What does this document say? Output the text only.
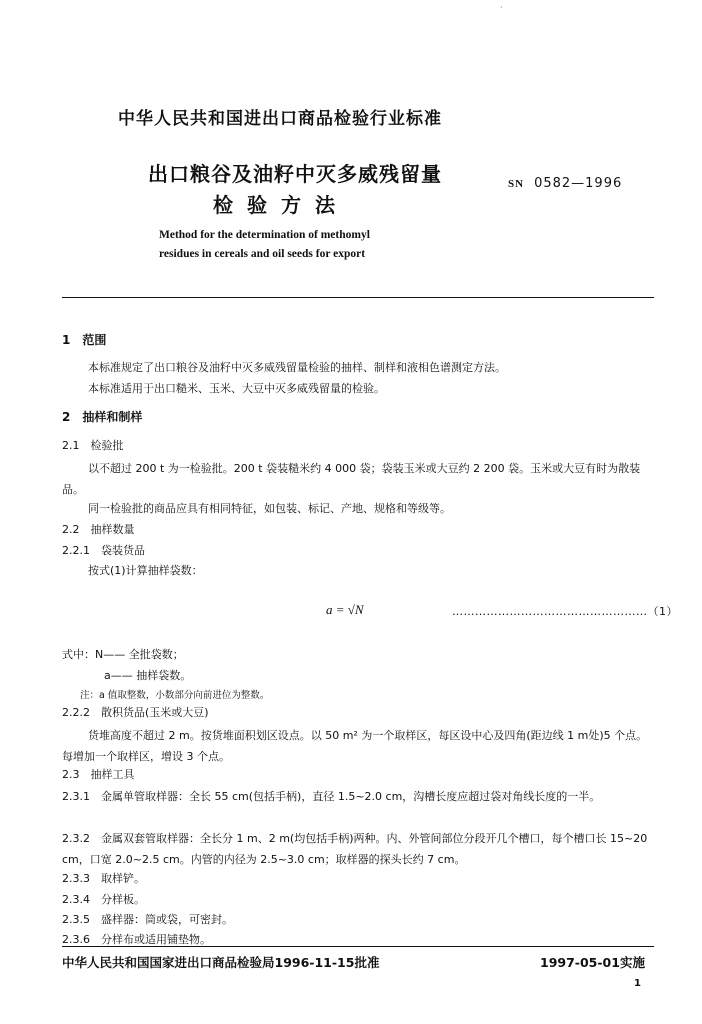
·
中华人民共和国进出口商品检验行业标准
出口粮谷及油籽中灭多威残留量
检验方法
SN 0582—1996
Method for the determination of methomyl
residues in cereals and oil seeds for export
1　范围
本标准规定了出口粮谷及油籽中灭多威残留量检验的抽样、制样和液相色谱测定方法。
本标准适用于出口糙米、玉米、大豆中灭多威残留量的检验。
2　抽样和制样
2.1　检验批
以不超过 200 t 为一检验批。200 t 袋装糙米约 4 000 袋；袋装玉米或大豆约 2 200 袋。玉米或大豆有时为散装品。
同一检验批的商品应具有相同特征，如包装、标记、产地、规格和等级等。
2.2　抽样数量
2.2.1　袋装货品
按式(1)计算抽样袋数：
a = √N	……………………………………………（1）
式中：N—— 全批袋数；
a—— 抽样袋数。
注：a 值取整数，小数部分向前进位为整数。
2.2.2　散积货品(玉米或大豆)
货堆高度不超过 2 m。按货堆面积划区设点。以 50 m² 为一个取样区，每区设中心及四角(距边线 1 m处)5 个点。每增加一个取样区，增设 3 个点。
2.3　抽样工具
2.3.1　金属单管取样器：全长 55 cm(包括手柄)，直径 1.5~2.0 cm，沟槽长度应超过袋对角线长度的一半。
2.3.2　金属双套管取样器：全长分 1 m、2 m(均包括手柄)两种。内、外管间部位分段开几个槽口，每个槽口长 15~20 cm，口宽 2.0~2.5 cm。内管的内径为 2.5~3.0 cm；取样器的探头长约 7 cm。
2.3.3　取样铲。
2.3.4　分样板。
2.3.5　盛样器：筒或袋，可密封。
2.3.6　分样布或适用铺垫物。
中华人民共和国国家进出口商品检验局1996-11-15批准	1997-05-01实施
1
